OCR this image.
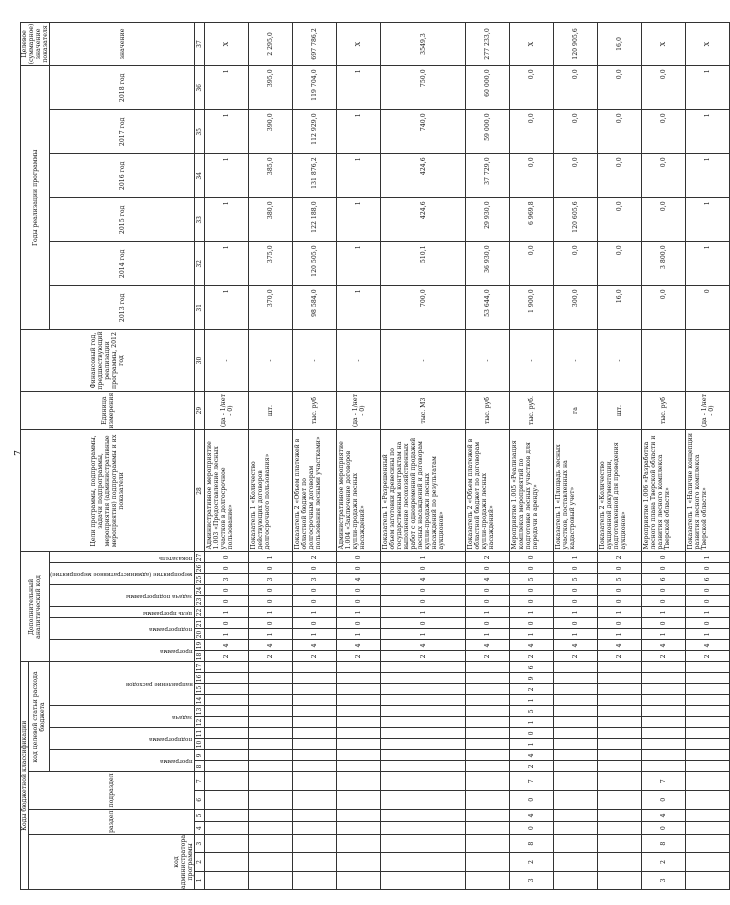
7
Коды бюджетной классификации																	Дополнительный аналитический код										Цели программы, подпрограммы, задачи подпрограммы, мероприятия (административные мероприятия) подпрограммы и их показатели	Единица измерения	Финансовый год, предшествующий реализации программы, 2012 год	Годы реализации программы						Целевое (суммарное) значение показателя
код администратора программы			раздел		подраздел		код целевой статьи расхода бюджета																													
							программа		подпрограмма		задача		направление расходов				программа		подпрограмма		цель программы	задача подпрограммы		мероприятие (административное мероприятие)		показатель				2013 год	2014 год	2015 год	2016 год	2017 год	2018 год	значение
1	2	3	4	5	6	7	8	9	10	11	12	13	14	15	16	17	18	19	20	21	22	23	24	25	26	27	28	29	30	31	32	33	34	35	36	37
																	2	4	1	0	1	0	0	3	0	0	Административное мероприятие 1.003 «Предоставление лесных участков в долгосрочное пользование»	(да - 1/нет - 0)	-	1	1	1	1	1	1	X
																	2	4	1	0	1	0	0	3	0	1	Показатель 1 «Количество действующих договоров долгосрочного пользования»	шт.	-	370,0	375,0	380,0	385,0	390,0	395,0	2 295,0
																	2	4	1	0	1	0	0	3	0	2	Показатель 2 «Объем платежей в областной бюджет по долгосрочным договорам пользования лесными участками»	тыс. руб	-	98 584,0	120 505,0	122 188,0	131 876,2	112 929,0	119 704,0	697 786,2
																	2	4	1	0	1	0	0	4	0	0	Административное мероприятие 1.004 «Заключение договоров купли-продажи лесных насаждений»	(да - 1/нет - 0)	-	1	1	1	1	1	1	X
																	2	4	1	0	1	0	0	4	0	1	Показатель 1 «Разрешенный объем заготовки древесины по государственным контрактам на выполнение лесохозяйственных работ с одновременной продажей лесных насаждений и договорам купли-продажи лесных насаждений по результатам аукционов»	тыс. М3	-	700,0	510,1	424,6	424,6	740,0	750,0	3549,3
																	2	4	1	0	1	0	0	4	0	2	Показатель 2 «Объем платежей в областной бюджет по договорам купли-продажи лесных насаждений»	тыс. руб	-	53 644,0	36 930,0	29 930,0	37 729,0	59 000,0	60 000,0	277 233,0
3	2	8	0	4	0	7	2	4	1	0	1	5	1	2	9	6	2	4	1	0	1	0	0	5	0	0	Мероприятие 1.005 «Реализация комплекса мероприятий по подготовке лесных участков для передачи в аренду»	тыс. руб.	-	1 900,0	0,0	6 969,8	0,0	0,0	0,0	X
																	2	4	1	0	1	0	0	5	0	1	Показатель 1 «Площадь лесных участков, поставленных на кадастровый учет»	га	-	300,0	0,0	120 605,6	0,0	0,0	0,0	120 905,6
																	2	4	1	0	1	0	0	5	0	2	Показатель 2 «Количество аукционной документации, подготовленной для проведения аукционов»	шт.	-	16,0	0,0	0,0	0,0	0,0	0,0	16,0
3	2	8	0	4	0	7											2	4	1	0	1	0	0	6	0	0	Мероприятие 1.006 «Разработка лесного плана Тверской области и развития лесного комплекса Тверской области»	тыс. руб		0,0	3 800,0	0,0	0,0	0,0	0,0	X
																	2	4	1	0	1	0	0	6	0	1	Показатель 1 «Наличие концепции развития лесного комплекса Тверской области»	(да - 1/нет - 0)		0	1	1	1	1	1	X
